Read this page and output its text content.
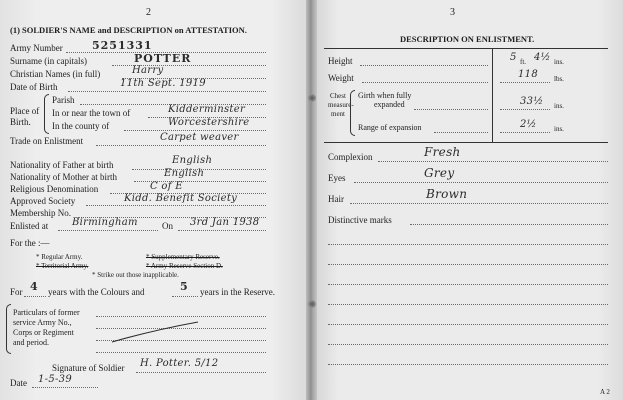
2
(1) SOLDIER'S NAME and DESCRIPTION on ATTESTATION.
Army Number	5251331
Surname (in capitals)	POTTER
Christian Names (in full)	Harry
Date of Birth	11th Sept. 1919
Place of Birth.
Parish
In or near the town of	Kidderminster
In the county of	Worcestershire
Trade on Enlistment	Carpet weaver
Nationality of Father at birth	English
Nationality of Mother at birth	English
Religious Denomination	C of E
Approved Society	Kidd. Benefit Society
Membership No.
Enlisted at Birmingham	On 3rd Jan 1938
For the :—
* Regular Army.	* Supplementary Reserve.
* Territorial Army.	* Army Reserve Section D.
* Strike out those inapplicable.
For 4 years with the Colours and	5 years in the Reserve.
Particulars of former
service Army No.,
Corps or Regiment
and period.
Signature of Soldier H. Potter. 5/12
Date 1-5-39
3
DESCRIPTION ON ENLISTMENT.
Height	5 ft. 4½ ins.
Weight	118 lbs.
Chest measure-ment
Girth when fully
expanded	33½ ins.
Range of expansion	2½ ins.
Complexion	Fresh
Eyes	Grey
Hair	Brown
Distinctive marks
A 2
